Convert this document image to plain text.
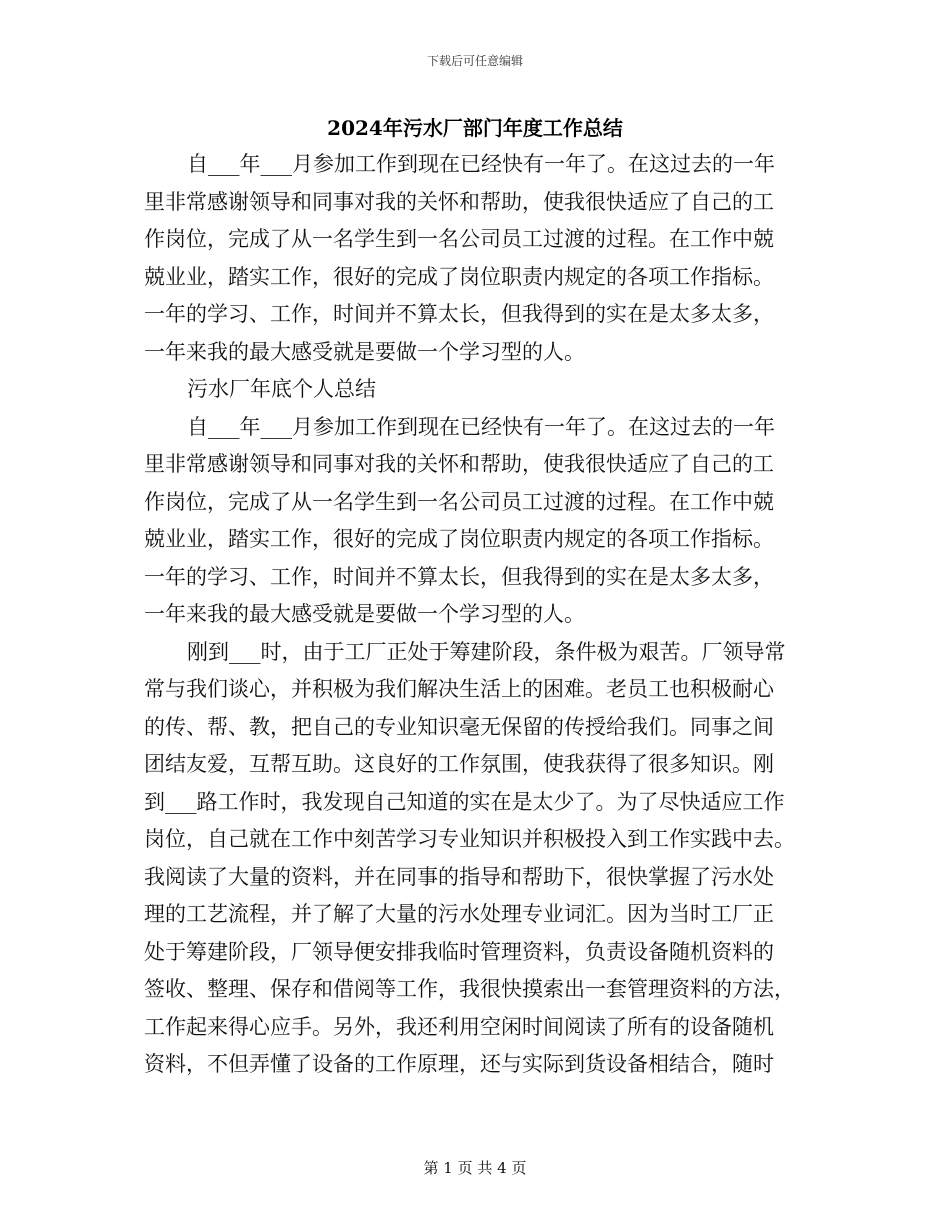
下载后可任意编辑
2024年污水厂部门年度工作总结
自___年___月参加工作到现在已经快有一年了。在这过去的一年
里非常感谢领导和同事对我的关怀和帮助，使我很快适应了自己的工
作岗位，完成了从一名学生到一名公司员工过渡的过程。在工作中兢
兢业业，踏实工作，很好的完成了岗位职责内规定的各项工作指标。
一年的学习、工作，时间并不算太长，但我得到的实在是太多太多，
一年来我的最大感受就是要做一个学习型的人。
污水厂年底个人总结
自___年___月参加工作到现在已经快有一年了。在这过去的一年
里非常感谢领导和同事对我的关怀和帮助，使我很快适应了自己的工
作岗位，完成了从一名学生到一名公司员工过渡的过程。在工作中兢
兢业业，踏实工作，很好的完成了岗位职责内规定的各项工作指标。
一年的学习、工作，时间并不算太长，但我得到的实在是太多太多，
一年来我的最大感受就是要做一个学习型的人。
刚到___时，由于工厂正处于筹建阶段，条件极为艰苦。厂领导常
常与我们谈心，并积极为我们解决生活上的困难。老员工也积极耐心
的传、帮、教，把自己的专业知识毫无保留的传授给我们。同事之间
团结友爱，互帮互助。这良好的工作氛围，使我获得了很多知识。刚
到___路工作时，我发现自己知道的实在是太少了。为了尽快适应工作
岗位，自己就在工作中刻苦学习专业知识并积极投入到工作实践中去。
我阅读了大量的资料，并在同事的指导和帮助下，很快掌握了污水处
理的工艺流程，并了解了大量的污水处理专业词汇。因为当时工厂正
处于筹建阶段，厂领导便安排我临时管理资料，负责设备随机资料的
签收、整理、保存和借阅等工作，我很快摸索出一套管理资料的方法，
工作起来得心应手。另外，我还利用空闲时间阅读了所有的设备随机
资料，不但弄懂了设备的工作原理，还与实际到货设备相结合，随时
第 1 页 共 4 页
